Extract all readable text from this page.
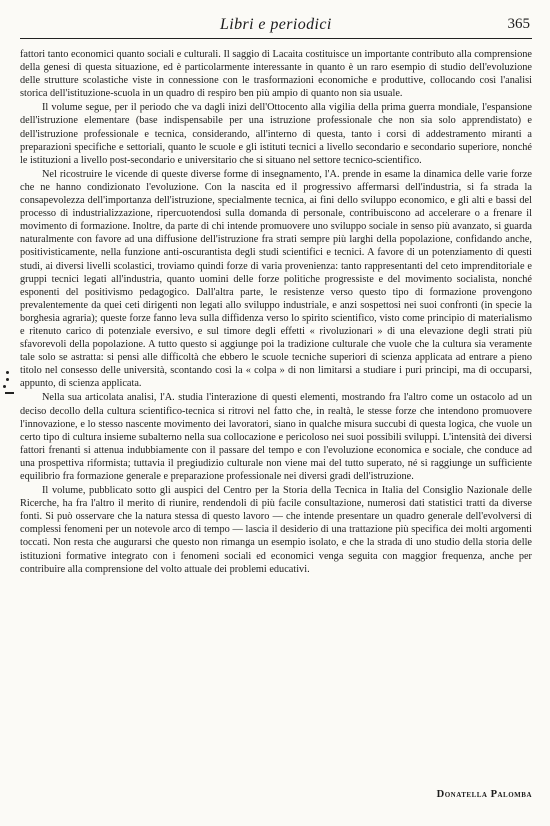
Libri e periodici	365

fattori tanto economici quanto sociali e culturali. Il saggio di Lacaita costituisce un importante contributo alla comprensione della genesi di questa situazione, ed è particolarmente interessante in quanto è un raro esempio di studio dell'evoluzione delle strutture scolastiche viste in connessione con le trasformazioni economiche e produttive, collocando così l'analisi storica dell'istituzione-scuola in un quadro di respiro ben più ampio di quanto non sia usuale.

Il volume segue, per il periodo che va dagli inizi dell'Ottocento alla vigilia della prima guerra mondiale, l'espansione dell'istruzione elementare (base indispensabile per una istruzione professionale che non sia solo apprendistato) e dell'istruzione professionale e tecnica, considerando, all'interno di questa, tanto i corsi di addestramento miranti a preparazioni specifiche e settoriali, quanto le scuole e gli istituti tecnici a livello secondario e secondario superiore, nonché le istituzioni a livello post-secondario e universitario che si situano nel settore tecnico-scientifico.

Nel ricostruire le vicende di queste diverse forme di insegnamento, l'A. prende in esame la dinamica delle varie forze che ne hanno condizionato l'evoluzione. Con la nascita ed il progressivo affermarsi dell'industria, si fa strada la consapevolezza dell'importanza dell'istruzione, specialmente tecnica, ai fini dello sviluppo economico, e gli alti e bassi del processo di industrializzazione, ripercuotendosi sulla domanda di personale, contribuiscono ad accelerare o a frenare il movimento di formazione. Inoltre, da parte di chi intende promuovere uno sviluppo sociale in senso più avanzato, si guarda naturalmente con favore ad una diffusione dell'istruzione fra strati sempre più larghi della popolazione, confidando anche, positivisticamente, nella funzione anti-oscurantista degli studi scientifici e tecnici. A favore di un potenziamento di questi studi, ai diversi livelli scolastici, troviamo quindi forze di varia provenienza: tanto rappresentanti del ceto imprenditoriale e gruppi tecnici legati all'industria, quanto uomini delle forze politiche progressiste e del movimento socialista, nonché esponenti del positivismo pedagogico. Dall'altra parte, le resistenze verso questo tipo di formazione provengono prevalentemente da quei ceti dirigenti non legati allo sviluppo industriale, e anzi sospettosi nei suoi confronti (in specie la borghesia agraria); queste forze fanno leva sulla diffidenza verso lo spirito scientifico, visto come principio di materialismo e ritenuto carico di potenziale eversivo, e sul timore degli effetti « rivoluzionari » di una elevazione degli strati più sfavorevoli della popolazione. A tutto questo si aggiunge poi la tradizione culturale che vuole che la cultura sia veramente tale solo se astratta: si pensi alle difficoltà che ebbero le scuole tecniche superiori di scienza applicata ad entrare a pieno titolo nel consesso delle università, scontando così la « colpa » di non limitarsi a studiare i puri principi, ma di occuparsi, appunto, di scienza applicata.

Nella sua articolata analisi, l'A. studia l'interazione di questi elementi, mostrando fra l'altro come un ostacolo ad un deciso decollo della cultura scientifico-tecnica si ritrovi nel fatto che, in realtà, le stesse forze che intendono promuovere l'innovazione, e lo stesso nascente movimento dei lavoratori, siano in qualche misura succubi di questa logica, che vuole un certo tipo di cultura insieme subalterno nella sua collocazione e pericoloso nei suoi possibili sviluppi. L'intensità dei diversi fattori frenanti si attenua indubbiamente con il passare del tempo e con l'evoluzione economica e sociale, che conduce ad una prospettiva riformista; tuttavia il pregiudizio culturale non viene mai del tutto superato, né si raggiunge un sufficiente equilibrio fra formazione generale e preparazione professionale nei diversi gradi dell'istruzione.

Il volume, pubblicato sotto gli auspici del Centro per la Storia della Tecnica in Italia del Consiglio Nazionale delle Ricerche, ha fra l'altro il merito di riunire, rendendoli di più facile consultazione, numerosi dati statistici tratti da diverse fonti. Si può osservare che la natura stessa di questo lavoro — che intende presentare un quadro generale dell'evolversi di complessi fenomeni per un notevole arco di tempo — lascia il desiderio di una trattazione più specifica dei molti argomenti toccati. Non resta che augurarsi che questo non rimanga un esempio isolato, e che la strada di uno studio della storia delle istituzioni formative integrato con i fenomeni sociali ed economici venga seguita con maggior frequenza, anche per contribuire alla comprensione del volto attuale dei problemi educativi.

Donatella Palomba
